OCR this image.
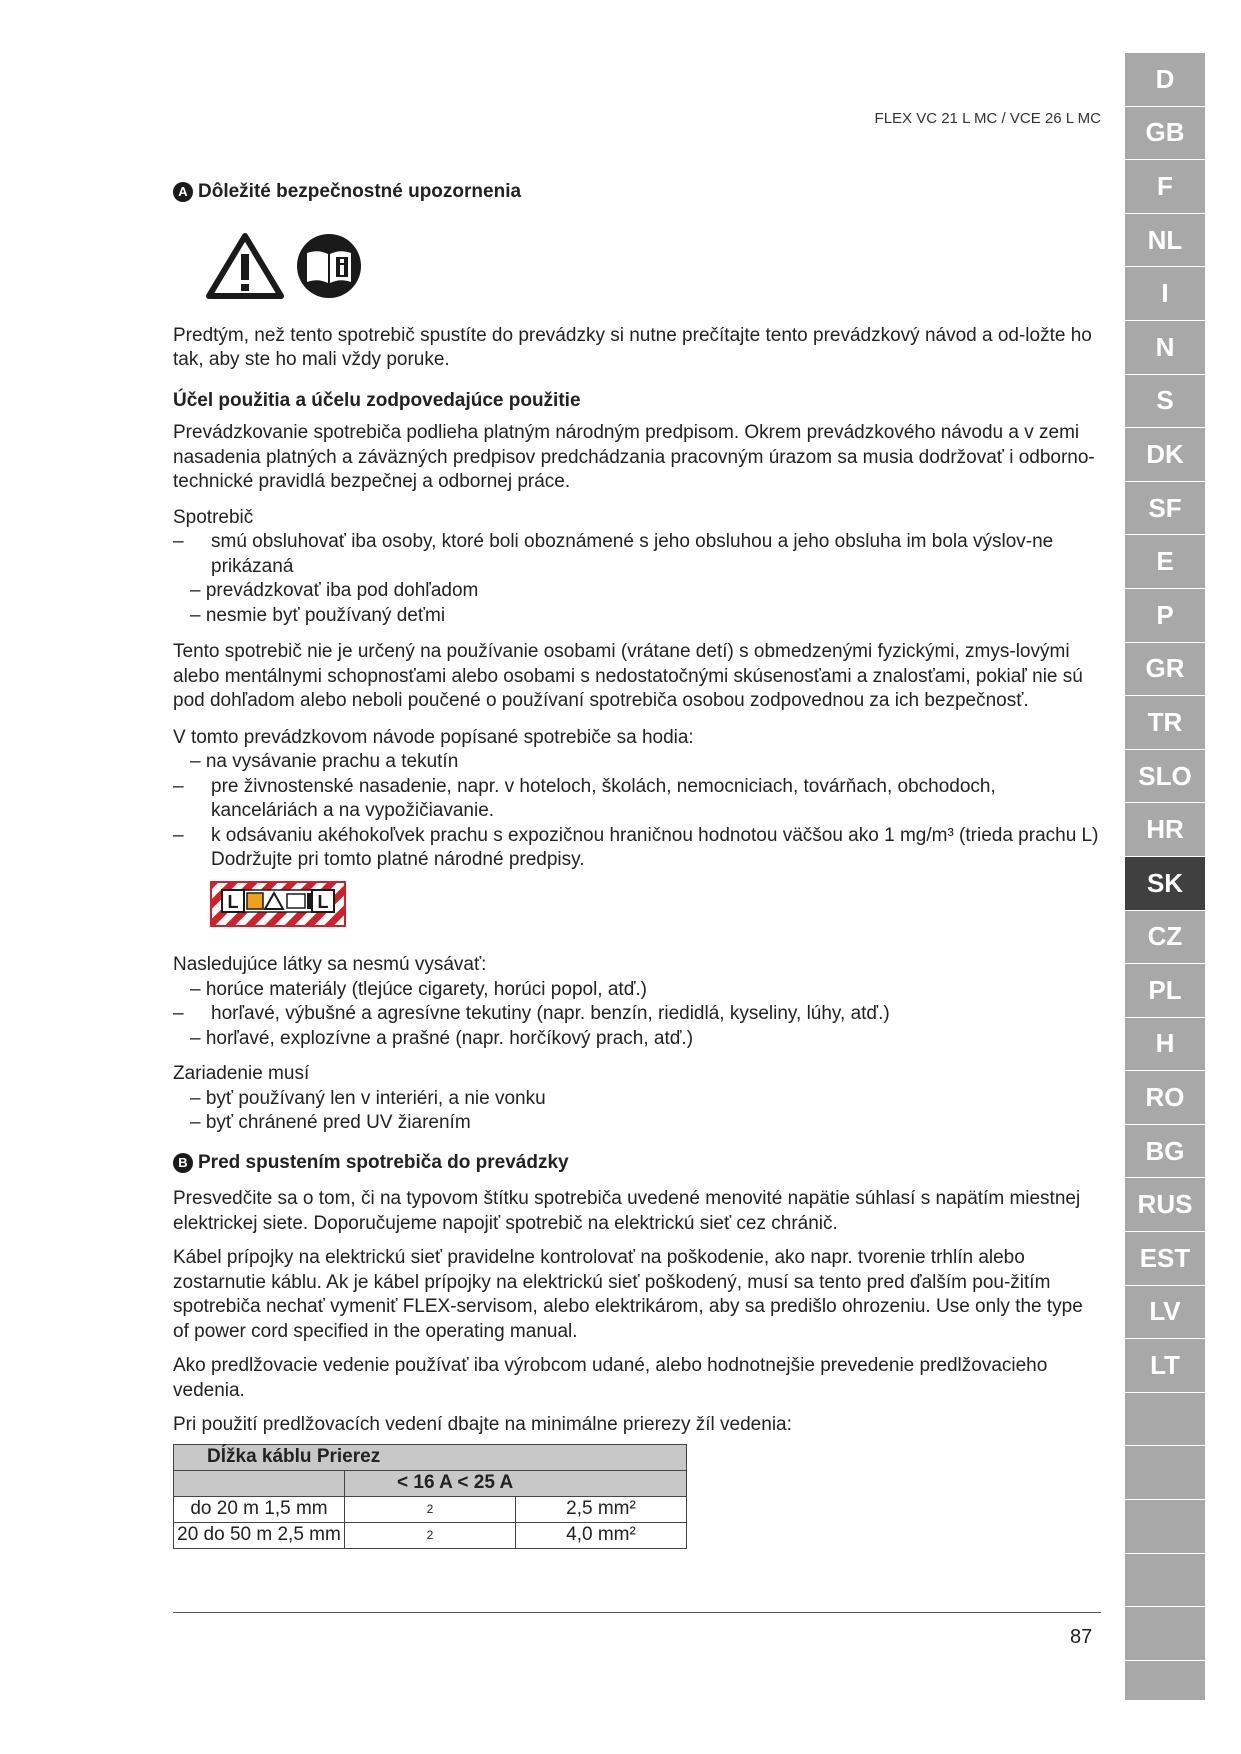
FLEX VC 21 L MC / VCE 26 L MC
A Dôležité bezpečnostné upozornenia

Predtým, než tento spotrebič spustíte do prevádzky si nutne prečítajte tento prevádzkový návod a od-ložte ho tak, aby ste ho mali vždy poruke.

Účel použitia a účelu zodpovedajúce použitie

Prevádzkovanie spotrebiča podlieha platným národným predpisom. Okrem prevádzkového návodu a v zemi nasadenia platných a záväzných predpisov predchádzania pracovným úrazom sa musia dodržovať i odborno-technické pravidlá bezpečnej a odbornej práce.

Spotrebič

–	smú obsluhovať iba osoby, ktoré boli oboznámené s jeho obsluhou a jeho obsluha im bola výslov-ne prikázaná

– prevádzkovať iba pod dohľadom

– nesmie byť používaný deťmi

Tento spotrebič nie je určený na používanie osobami (vrátane detí) s obmedzenými fyzickými, zmys-lovými alebo mentálnymi schopnosťami alebo osobami s nedostatočnými skúsenosťami a znalosťami, pokiaľ nie sú pod dohľadom alebo neboli poučené o používaní spotrebiča osobou zodpovednou za ich bezpečnosť.

V tomto prevádzkovom návode popísané spotrebiče sa hodia:

– na vysávanie prachu a tekutín

–	pre živnostenské nasadenie, napr. v hoteloch, školách, nemocniciach, továrňach, obchodoch, kanceláriách a na vypožičiavanie.
–	k odsávaniu akéhokoľvek prachu s expozičnou hraničnou hodnotou väčšou ako 1 mg/m³ (trieda prachu L) Dodržujte pri tomto platné národné predpisy.
L	L

Nasledujúce látky sa nesmú vysávať:

– horúce materiály (tlejúce cigarety, horúci popol, atď.)

–	horľavé, výbušné a agresívne tekutiny (napr. benzín, riedidlá, kyseliny, lúhy, atď.)

– horľavé, explozívne a prašné (napr. horčíkový prach, atď.)

Zariadenie musí

– byť používaný len v interiéri, a nie vonku

– byť chránené pred UV žiarením

B Pred spustením spotrebiča do prevádzky

Presvedčite sa o tom, či na typovom štítku spotrebiča uvedené menovité napätie súhlasí s napätím miestnej elektrickej siete. Doporučujeme napojiť spotrebič na elektrickú sieť cez chránič.

Kábel prípojky na elektrickú sieť pravidelne kontrolovať na poškodenie, ako napr. tvorenie trhlín alebo zostarnutie káblu. Ak je kábel prípojky na elektrickú sieť poškodený, musí sa tento pred ďalším pou-žitím spotrebiča nechať vymeniť FLEX-servisom, alebo elektrikárom, aby sa predišlo ohrozeniu. Use only the type of power cord specified in the operating manual.

Ako predlžovacie vedenie používať iba výrobcom udané, alebo hodnotnejšie prevedenie predlžovacieho vedenia.

Pri použití predlžovacích vedení dbajte na minimálne prierezy žíl vedenia:

Dĺžka káblu Prierez		
	< 16 A < 25 A	
do 20 m 1,5 mm	2	2,5 mm²
20 do 50 m 2,5 mm	2	4,0 mm²
87
D
GB
F
NL
I
N
S
DK
SF
E
P
GR
TR
SLO
HR
SK
CZ
PL
H
RO
BG
RUS
EST
LV
LT
